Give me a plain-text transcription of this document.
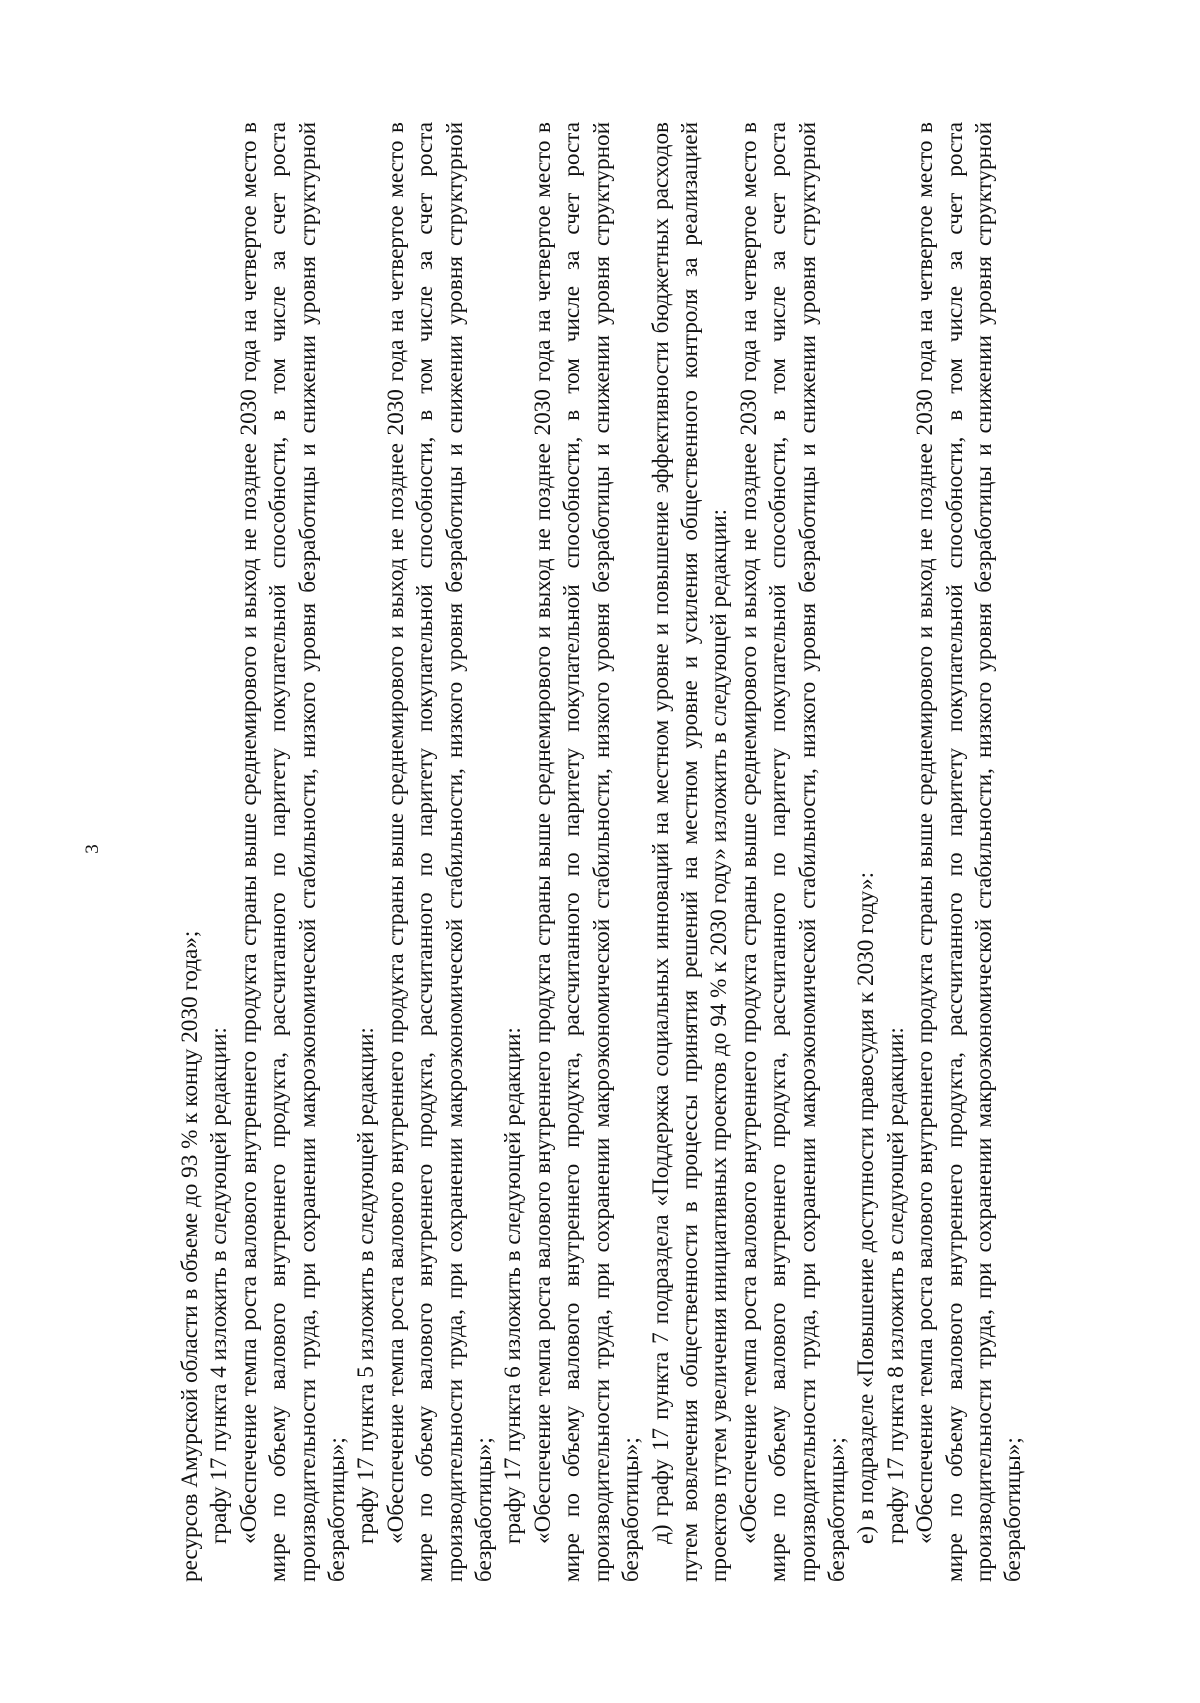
3

ресурсов Амурской области в объеме до 93 % к концу 2030 года»; графу 17 пункта 4 изложить в следующей редакции: «Обеспечение темпа роста валового внутреннего продукта страны выше среднемирового и выход не позднее 2030 года на четвертое место в мире по объему валового внутреннего продукта, рассчитанного по паритету покупательной способности, в том числе за счет роста производительности труда, при сохранении макроэкономической стабильности, низкого уровня безработицы и снижении уровня структурной безработицы»; графу 17 пункта 5 изложить в следующей редакции: «Обеспечение темпа роста валового внутреннего продукта страны выше среднемирового и выход не позднее 2030 года на четвертое место в мире по объему валового внутреннего продукта, рассчитанного по паритету покупательной способности, в том числе за счет роста производительности труда, при сохранении макроэкономической стабильности, низкого уровня безработицы и снижении уровня структурной безработицы»; графу 17 пункта 6 изложить в следующей редакции: «Обеспечение темпа роста валового внутреннего продукта страны выше среднемирового и выход не позднее 2030 года на четвертое место в мире по объему валового внутреннего продукта, рассчитанного по паритету покупательной способности, в том числе за счет роста производительности труда, при сохранении макроэкономической стабильности, низкого уровня безработицы и снижении уровня структурной безработицы»; д) графу 17 пункта 7 подраздела «Поддержка социальных инноваций на местном уровне и повышение эффективности бюджетных расходов путем вовлечения общественности в процессы принятия решений на местном уровне и усиления общественного контроля за реализацией проектов путем увеличения инициативных проектов до 94 % к 2030 году» изложить в следующей редакции: «Обеспечение темпа роста валового внутреннего продукта страны выше среднемирового и выход не позднее 2030 года на четвертое место в мире по объему валового внутреннего продукта, рассчитанного по паритету покупательной способности, в том числе за счет роста производительности труда, при сохранении макроэкономической стабильности, низкого уровня безработицы и снижении уровня структурной безработицы»; е) в подразделе «Повышение доступности правосудия к 2030 году»: графу 17 пункта 8 изложить в следующей редакции: «Обеспечение темпа роста валового внутреннего продукта страны выше среднемирового и выход не позднее 2030 года на четвертое место в мире по объему валового внутреннего продукта, рассчитанного по паритету покупательной способности, в том числе за счет роста производительности труда, при сохранении макроэкономической стабильности, низкого уровня безработицы и снижении уровня структурной безработицы»;
